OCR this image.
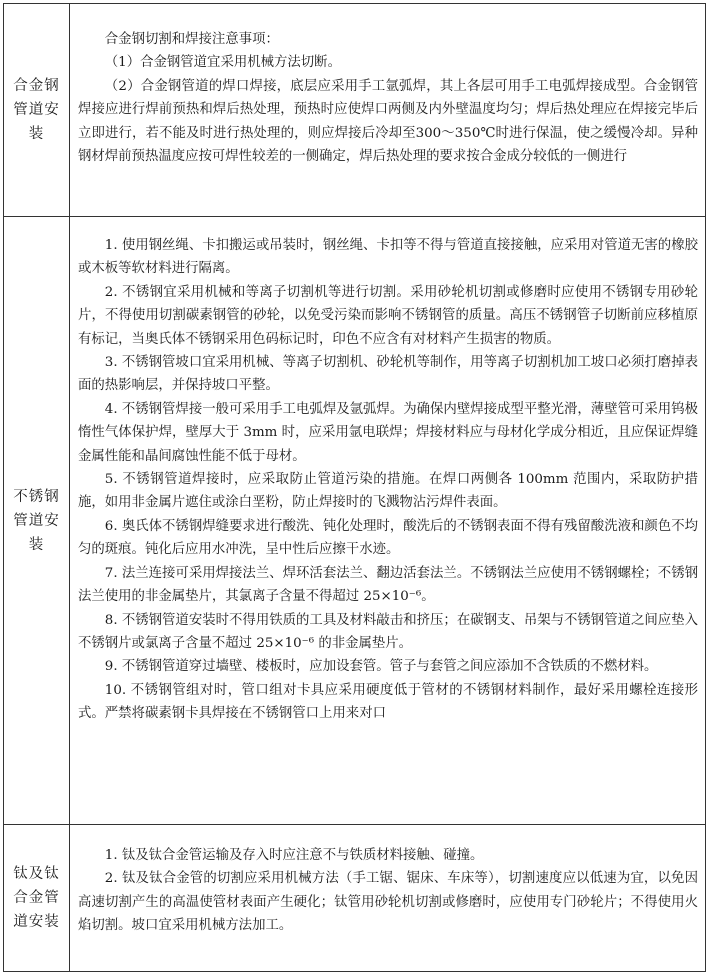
合金钢管道安装

合金钢切割和焊接注意事项：

（1）合金钢管道宜采用机械方法切断。

（2）合金钢管道的焊口焊接，底层应采用手工氩弧焊，其上各层可用手工电弧焊接成型。合金钢管焊接应进行焊前预热和焊后热处理，预热时应使焊口两侧及内外壁温度均匀；焊后热处理应在焊接完毕后立即进行，若不能及时进行热处理的，则应焊接后冷却至300～350℃时进行保温，使之缓慢冷却。异种钢材焊前预热温度应按可焊性较差的一侧确定，焊后热处理的要求按合金成分较低的一侧进行

不锈钢管道安装

1. 使用钢丝绳、卡扣搬运或吊装时，钢丝绳、卡扣等不得与管道直接接触，应采用对管道无害的橡胶或木板等软材料进行隔离。

2. 不锈钢宜采用机械和等离子切割机等进行切割。采用砂轮机切割或修磨时应使用不锈钢专用砂轮片，不得使用切割碳素钢管的砂轮，以免受污染而影响不锈钢管的质量。高压不锈钢管子切断前应移植原有标记，当奥氏体不锈钢采用色码标记时，印色不应含有对材料产生损害的物质。

3. 不锈钢管坡口宜采用机械、等离子切割机、砂轮机等制作，用等离子切割机加工坡口必须打磨掉表面的热影响层，并保持坡口平整。

4. 不锈钢管焊接一般可采用手工电弧焊及氩弧焊。为确保内壁焊接成型平整光滑，薄壁管可采用钨极惰性气体保护焊，壁厚大于 3mm 时，应采用氩电联焊；焊接材料应与母材化学成分相近，且应保证焊缝金属性能和晶间腐蚀性能不低于母材。

5. 不锈钢管道焊接时，应采取防止管道污染的措施。在焊口两侧各 100mm 范围内，采取防护措施，如用非金属片遮住或涂白垩粉，防止焊接时的飞溅物沾污焊件表面。

6. 奥氏体不锈钢焊缝要求进行酸洗、钝化处理时，酸洗后的不锈钢表面不得有残留酸洗液和颜色不均匀的斑痕。钝化后应用水冲洗，呈中性后应擦干水迹。

7. 法兰连接可采用焊接法兰、焊环活套法兰、翻边活套法兰。不锈钢法兰应使用不锈钢螺栓；不锈钢法兰使用的非金属垫片，其氯离子含量不得超过 25×10⁻⁶。

8. 不锈钢管道安装时不得用铁质的工具及材料敲击和挤压；在碳钢支、吊架与不锈钢管道之间应垫入不锈钢片或氯离子含量不超过 25×10⁻⁶ 的非金属垫片。

9. 不锈钢管道穿过墙壁、楼板时，应加设套管。管子与套管之间应添加不含铁质的不燃材料。

10. 不锈钢管组对时，管口组对卡具应采用硬度低于管材的不锈钢材料制作，最好采用螺栓连接形式。严禁将碳素钢卡具焊接在不锈钢管口上用来对口

钛及钛合金管道安装

1. 钛及钛合金管运输及存入时应注意不与铁质材料接触、碰撞。

2. 钛及钛合金管的切割应采用机械方法（手工锯、锯床、车床等），切割速度应以低速为宜，以免因高速切割产生的高温使管材表面产生硬化；钛管用砂轮机切割或修磨时，应使用专门砂轮片；不得使用火焰切割。坡口宜采用机械方法加工。
